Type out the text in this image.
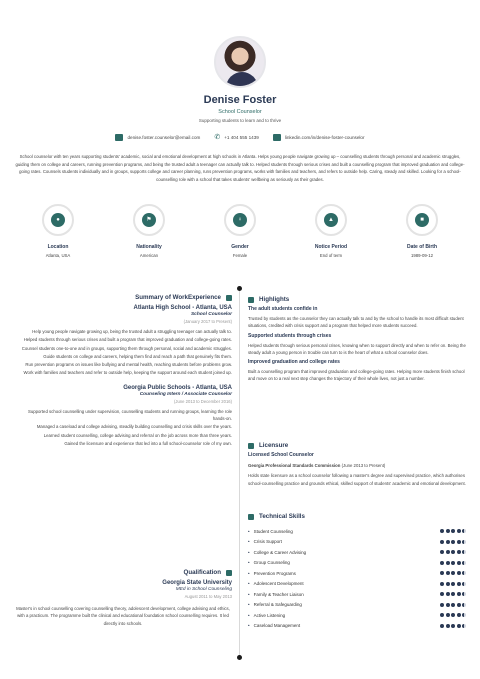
Denise Foster
School Counselor
Supporting students to learn and to thrive
denise.foster.counselor@email.com ✆ +1 404 555 1439	linkedin.com/in/denise-foster-counselor
School counselor with ten years supporting students' academic, social and emotional development at high schools in Atlanta. Helps young people navigate growing up – counselling students through personal and academic struggles, guiding them on college and careers, running prevention programs, and being the trusted adult a teenager can actually talk to. Helped students through serious crises and built a counselling program that improved graduation and college-going rates. Counsels students individually and in groups, supports college and career planning, runs prevention programs, works with families and teachers, and refers to outside help. Caring, steady and skilled. Looking for a school-counselling role with a school that takes students' wellbeing as seriously as their grades.
●
Location
Atlanta, USA
⚑
Nationality
American
♀
Gender
Female
▲
Notice Period
End of term
■
Date of Birth
1989-09-12
Summary of WorkExperience
Atlanta High School - Atlanta, USA
School Counselor
(January 2017 to Present)
Help young people navigate growing up, being the trusted adult a struggling teenager can actually talk to.
Helped students through serious crises and built a program that improved graduation and college-going rates.
Counsel students one-to-one and in groups, supporting them through personal, social and academic struggles.
Guide students on college and careers, helping them find and reach a path that genuinely fits them.
Run prevention programs on issues like bullying and mental health, reaching students before problems grow.
Work with families and teachers and refer to outside help, keeping the support around each student joined up.
Georgia Public Schools - Atlanta, USA
Counseling Intern / Associate Counselor
(June 2013 to December 2016)
Supported school counselling under supervision, counselling students and running groups, learning the role hands-on.
Managed a caseload and college advising, steadily building counselling and crisis skills over the years.
Learned student counselling, college advising and referral on the job across more than three years.
Gained the licensure and experience that led into a full school-counselor role of my own.
Qualification
Georgia State University
MEd in School Counseling
August 2011 to May 2013
Master's in school counselling covering counselling theory, adolescent development, college advising and ethics, with a practicum. The programme built the clinical and educational foundation school counselling requires. It led directly into schools.
Highlights
The adult students confide in
Trusted by students as the counselor they can actually talk to and by the school to handle its most difficult student situations, credited with crisis support and a program that helped more students succeed.
Supported students through crises
Helped students through serious personal crises, knowing when to support directly and when to refer on. Being the steady adult a young person in trouble can turn to is the heart of what a school counselor does.
Improved graduation and college rates
Built a counselling program that improved graduation and college-going rates. Helping more students finish school and move on to a real next step changes the trajectory of their whole lives, not just a number.
Licensure
Licensed School Counselor
Georgia Professional Standards Commission (June 2013 to Present)
Holds state licensure as a school counselor following a master's degree and supervised practice, which authorises school-counselling practice and grounds ethical, skilled support of students' academic and emotional development.
Technical Skills
• Student Counseling
• Crisis Support
• College & Career Advising
• Group Counseling
• Prevention Programs
• Adolescent Development
• Family & Teacher Liaison
• Referral & Safeguarding
• Active Listening
• Caseload Management
